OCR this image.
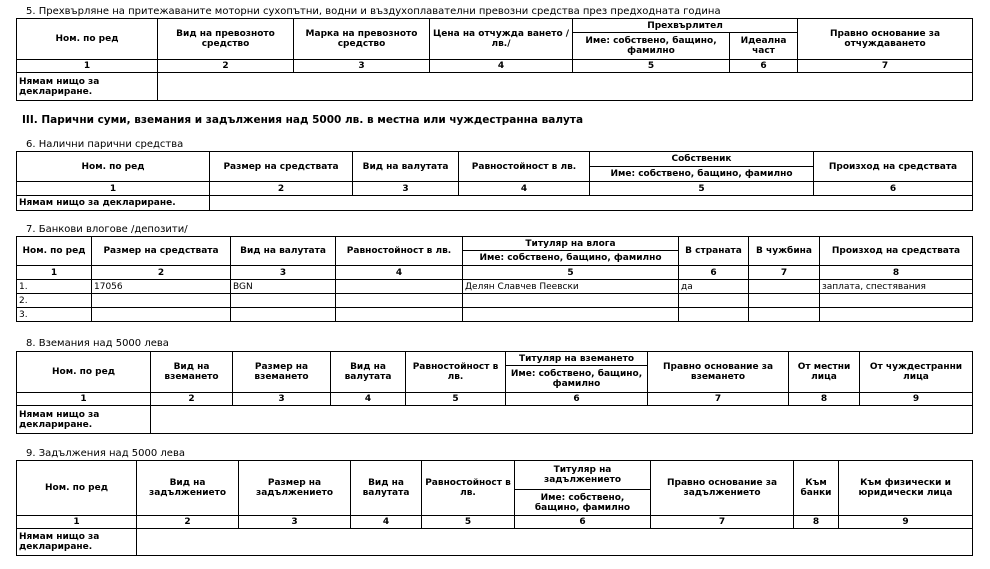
5. Прехвърляне на притежаваните моторни сухопътни, водни и въздухоплавателни превозни средства през предходната година
Ном. по ред	Вид на превозното средство	Марка на превозното средство	Цена на отчужда ването /лв./	Прехвърлител		Правно основание за отчуждаването
				Име: собствено, бащино, фамилно	Идеална част	
1	2	3	4	5	6	7
Нямам нищо за деклариране.						
III. Парични суми, вземания и задължения над 5000 лв. в местна или чуждестранна валута
6. Налични парични средства
Ном. по ред	Размер на средствата	Вид на валутата	Равностойност в лв.	Собственик	Произход на средствата
				Име: собствено, бащино, фамилно	
1	2	3	4	5	6
Нямам нищо за деклариране.					
7. Банкови влогове /депозити/
Ном. по ред	Размер на средствата	Вид на валутата	Равностойност в лв.	Титуляр на влога	В страната	В чужбина	Произход на средствата
				Име: собствено, бащино, фамилно			
1	2	3	4	5	6	7	8
1.	17056	BGN		Делян Славчев Пеевски	да		заплата, спестявания
2.							
3.							
8. Вземания над 5000 лева
Ном. по ред	Вид на вземането	Размер на вземането	Вид на валутата	Равностойност в лв.	Титуляр на вземането	Правно основание за вземането	От местни лица	От чуждестранни лица
					Име: собствено, бащино, фамилно			
1	2	3	4	5	6	7	8	9
Нямам нищо за деклариране.								
9. Задължения над 5000 лева
Ном. по ред	Вид на задължението	Размер на задължението	Вид на валутата	Равностойност в лв.	Титуляр на задължението	Правно основание за задължението	Към банки	Към физически и юридически лица
					Име: собствено, бащино, фамилно			
1	2	3	4	5	6	7	8	9
Нямам нищо за деклариране.								
